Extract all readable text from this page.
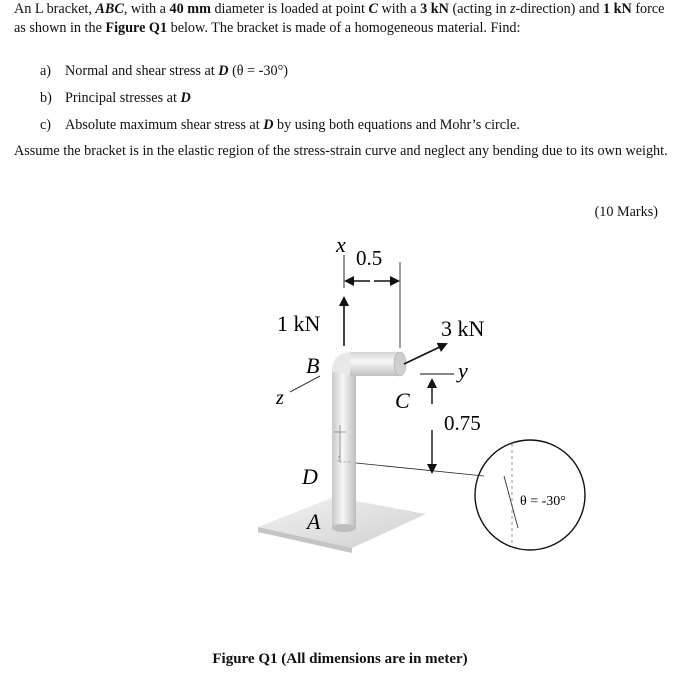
An L bracket, ABC, with a 40 mm diameter is loaded at point C with a 3 kN (acting in z-direction) and 1 kN force as shown in the Figure Q1 below. The bracket is made of a homogeneous material. Find:
a) Normal and shear stress at D (θ = -30°)
b) Principal stresses at D
c) Absolute maximum shear stress at D by using both equations and Mohr’s circle.
Assume the bracket is in the elastic region of the stress-strain curve and neglect any bending due to its own weight.
(10 Marks)
x
0.5
1 kN	3 kN
B	y
C
z
0.75
D
A
θ = -30°
Figure Q1 (All dimensions are in meter)
